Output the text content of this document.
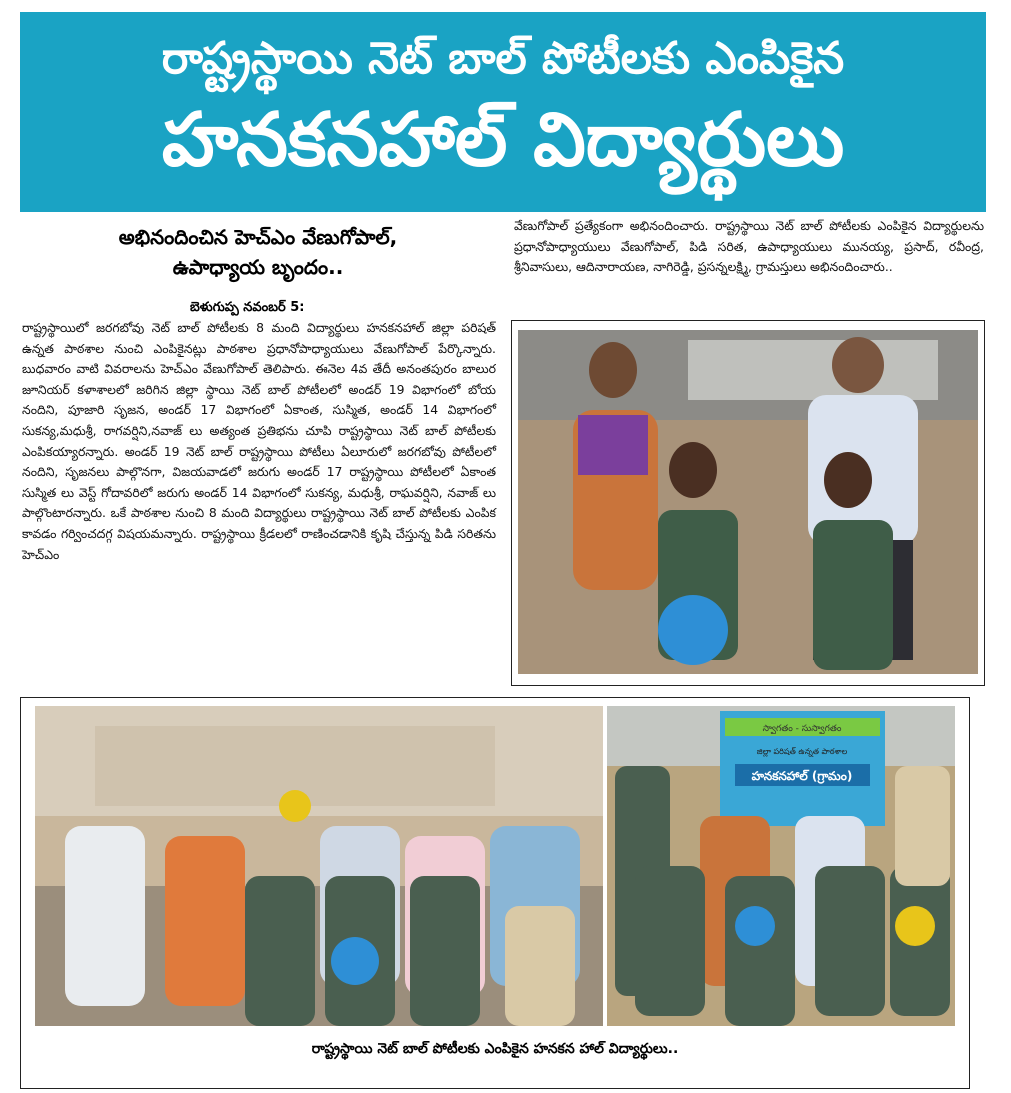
రాష్ట్రస్థాయి నెట్ బాల్ పోటీలకు ఎంపికైన
హనకనహాల్ విద్యార్థులు
అభినందించిన హెచ్ఎం వేణుగోపాల్,
ఉపాధ్యాయ బృందం..
బెళుగుప్ప నవంబర్ 5:
రాష్ట్రస్థాయిలో జరగబోవు నెట్ బాల్ పోటీలకు 8 మంది విద్యార్థులు హనకనహాల్ జిల్లా పరిషత్ ఉన్నత పాఠశాల నుంచి ఎంపికైనట్లు పాఠశాల ప్రధానోపాధ్యాయులు వేణుగోపాల్ పేర్కొన్నారు. బుధవారం వాటి వివరాలను హెచ్ఎం వేణుగోపాల్ తెలిపారు. ఈనెల 4వ తేదీ అనంతపురం బాలుర జూనియర్ కళాశాలలో జరిగిన జిల్లా స్థాయి నెట్ బాల్ పోటీలలో అండర్ 19 విభాగంలో బోయ నందిని, పూజారి సృజన, అండర్ 17 విభాగంలో ఏకాంత, సుస్మిత, అండర్ 14 విభాగంలో సుకన్య,మధుశ్రీ, రాగవర్షిని,నవాజ్ లు అత్యంత ప్రతిభను చూపి రాష్ట్రస్థాయి నెట్ బాల్ పోటీలకు ఎంపికయ్యారన్నారు. అండర్ 19 నెట్ బాల్ రాష్ట్రస్థాయి పోటీలు ఏలూరులో జరగబోవు పోటీలలో నందిని, సృజనలు పాల్గొనగా, విజయవాడలో జరుగు అండర్ 17 రాష్ట్రస్థాయి పోటీలలో ఏకాంత సుస్మిత లు వెస్ట్ గోదావరిలో జరుగు అండర్ 14 విభాగంలో సుకన్య, మధుశ్రీ, రాఘవర్షిని, నవాజ్ లు పాల్గొంటారన్నారు. ఒకే పాఠశాల నుంచి 8 మంది విద్యార్థులు రాష్ట్రస్థాయి నెట్ బాల్ పోటీలకు ఎంపిక కావడం గర్వించదగ్గ విషయమన్నారు. రాష్ట్రస్థాయి క్రీడలలో రాణించడానికి కృషి చేస్తున్న పిడి సరితను హెచ్ఎం
వేణుగోపాల్ ప్రత్యేకంగా అభినందించారు. రాష్ట్రస్థాయి నెట్ బాల్ పోటీలకు ఎంపికైన విద్యార్థులను ప్రధానోపాధ్యాయులు వేణుగోపాల్, పిడి సరిత, ఉపాధ్యాయులు మునయ్య, ప్రసాద్, రవీంద్ర, శ్రీనివాసులు, ఆదినారాయణ, నాగిరెడ్డి, ప్రసన్నలక్ష్మి, గ్రామస్తులు అభినందించారు..
స్వాగతం - సుస్వాగతం
జిల్లా పరిషత్ ఉన్నత పాఠశాల
హనకనహాల్ (గ్రామం)
రాష్ట్రస్థాయి నెట్ బాల్ పోటీలకు ఎంపికైన హనకన హాల్ విద్యార్థులు..
